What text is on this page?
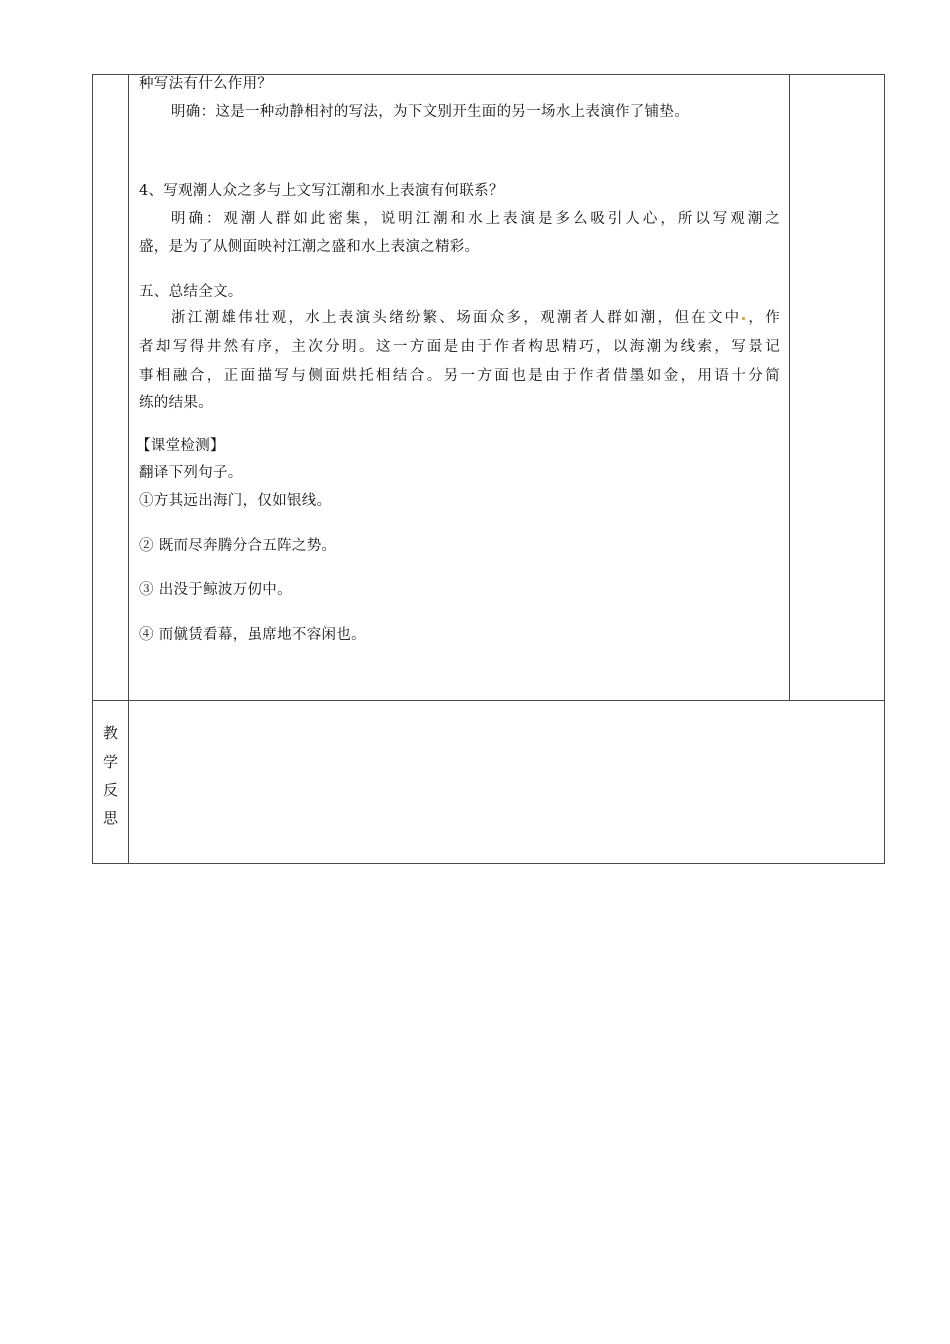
种写法有什么作用？
明确：这是一种动静相衬的写法，为下文别开生面的另一场水上表演作了铺垫。
4、写观潮人众之多与上文写江潮和水上表演有何联系？
明确：观潮人群如此密集，说明江潮和水上表演是多么吸引人心，所以写观潮之
盛，是为了从侧面映衬江潮之盛和水上表演之精彩。
五、总结全文。
浙江潮雄伟壮观，水上表演头绪纷繁、场面众多，观潮者人群如潮，但在文中 ，作
者却写得井然有序，主次分明。这一方面是由于作者构思精巧，以海潮为线索，写景记
事相融合，正面描写与侧面烘托相结合。另一方面也是由于作者借墨如金，用语十分简
练的结果。
【课堂检测】
翻译下列句子。
①方其远出海门，仅如银线。
② 既而尽奔腾分合五阵之势。
③ 出没于鲸波万仞中。
④ 而僦赁看幕，虽席地不容闲也。
教
学
反
思
